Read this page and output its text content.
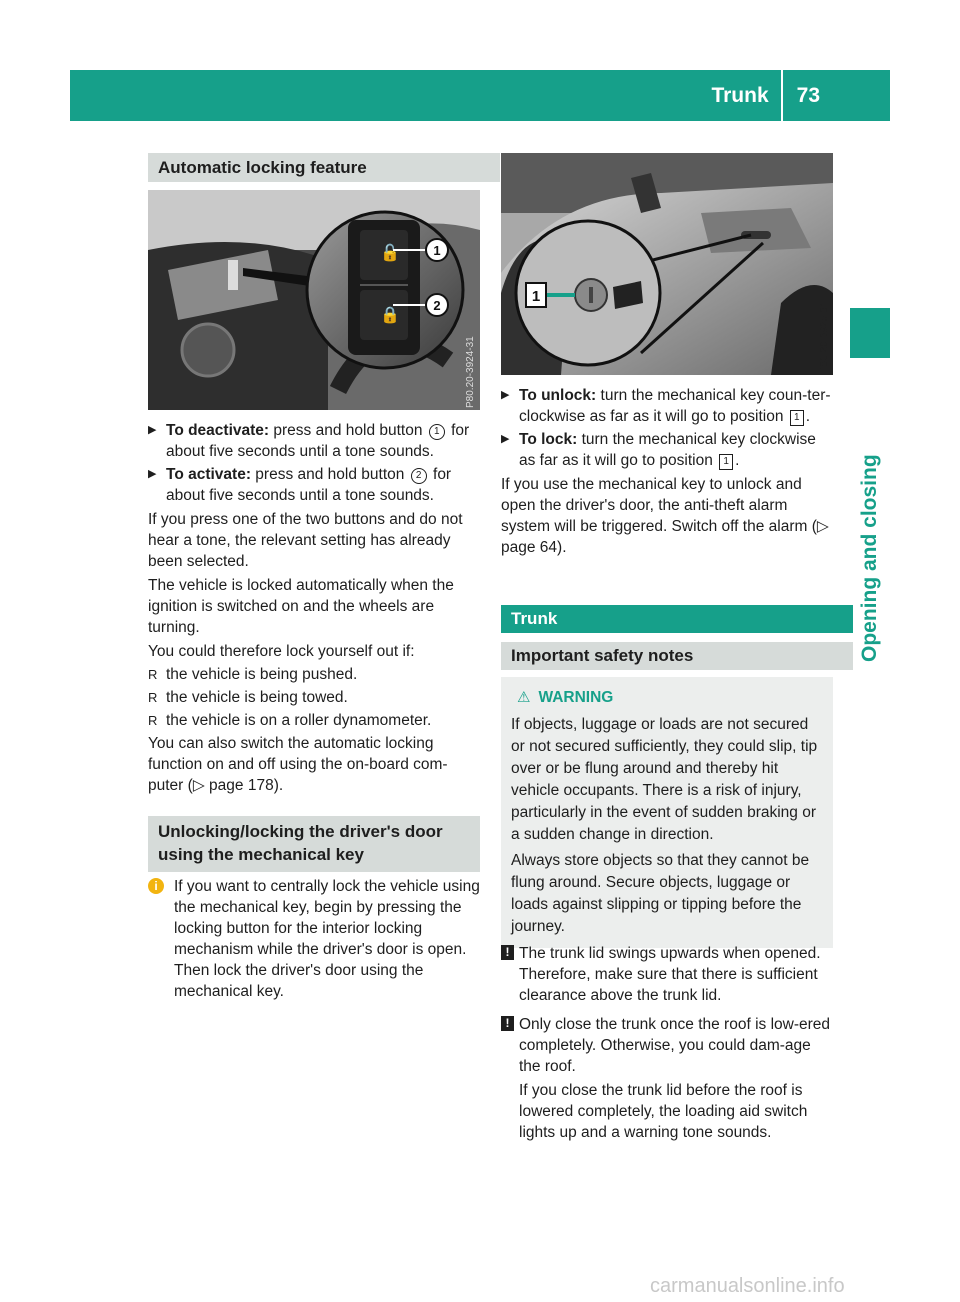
Trunk 73
Opening and closing
Automatic locking feature
🔓
🔒
1
2
P80.20-3924-31
▶ To deactivate: press and hold button 1 for about five seconds until a tone sounds.
▶ To activate: press and hold button 2 for about five seconds until a tone sounds.

If you press one of the two buttons and do not hear a tone, the relevant setting has already been selected.

The vehicle is locked automatically when the ignition is switched on and the wheels are turning.

You could therefore lock yourself out if:

R the vehicle is being pushed.
R the vehicle is being towed.
R the vehicle is on a roller dynamometer.

You can also switch the automatic locking function on and off using the on-board com-puter (▷ page 178).

Unlocking/locking the driver's door
using the mechanical key
i	If you want to centrally lock the vehicle using the mechanical key, begin by pressing the locking button for the interior locking mechanism while the driver's door is open. Then lock the driver's door using the mechanical key.

1
P80.20-3925-31
▶ To unlock: turn the mechanical key coun-ter-clockwise as far as it will go to position 1 .
▶ To lock: turn the mechanical key clockwise as far as it will go to position 1 .

If you use the mechanical key to unlock and open the driver's door, the anti-theft alarm system will be triggered. Switch off the alarm (▷ page 64).

Trunk
Important safety notes
⚠ WARNING

If objects, luggage or loads are not secured or not secured sufficiently, they could slip, tip over or be flung around and thereby hit vehicle occupants. There is a risk of injury, particularly in the event of sudden braking or a sudden change in direction.

Always store objects so that they cannot be flung around. Secure objects, luggage or loads against slipping or tipping before the journey.

! The trunk lid swings upwards when opened. Therefore, make sure that there is sufficient clearance above the trunk lid.

! Only close the trunk once the roof is low-ered completely. Otherwise, you could dam-age the roof.

If you close the trunk lid before the roof is lowered completely, the loading aid switch lights up and a warning tone sounds.

carmanualsonline.info
